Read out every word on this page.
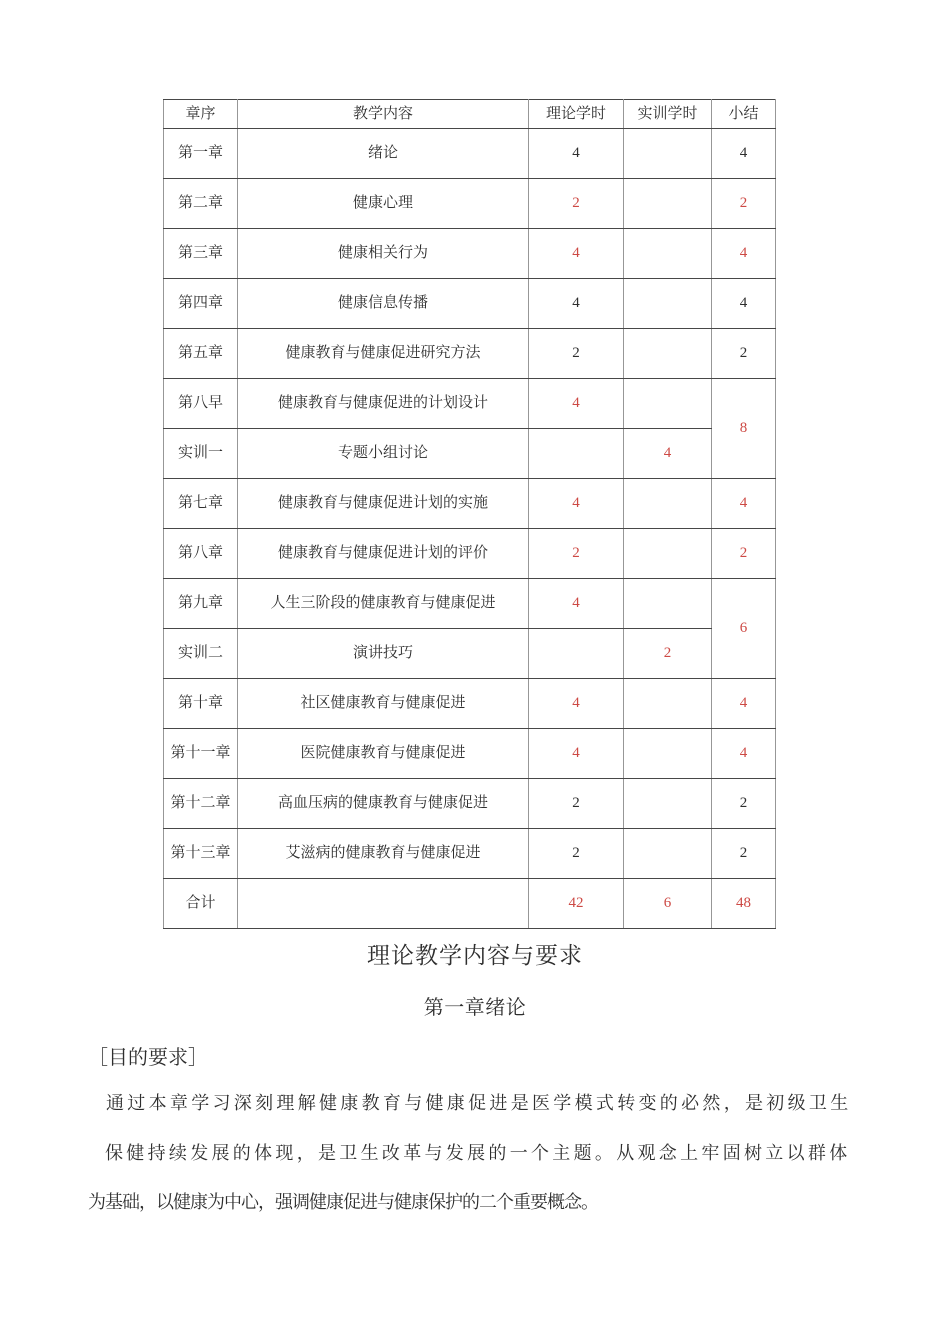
章序	教学内容	理论学时	实训学时	小结
第一章	绪论	4		4
第二章	健康心理	2		2
第三章	健康相关行为	4		4
第四章	健康信息传播	4		4
第五章	健康教育与健康促进研究方法	2		2
第八早	健康教育与健康促进的计划设计	4		8
实训一	专题小组讨论		4	
第七章	健康教育与健康促进计划的实施	4		4
第八章	健康教育与健康促进计划的评价	2		2
第九章	人生三阶段的健康教育与健康促进	4		6
实训二	演讲技巧		2	
第十章	社区健康教育与健康促进	4		4
第十一章	医院健康教育与健康促进	4		4
第十二章	高血压病的健康教育与健康促进	2		2
第十三章	艾滋病的健康教育与健康促进	2		2
合计		42	6	48
理论教学内容与要求
第一章绪论
［目的要求］
通过本章学习深刻理解健康教育与健康促进是医学模式转变的必然，是初级卫生
保健持续发展的体现，是卫生改革与发展的一个主题。从观念上牢固树立以群体
为基础，以健康为中心，强调健康促进与健康保护的二个重要概念。
